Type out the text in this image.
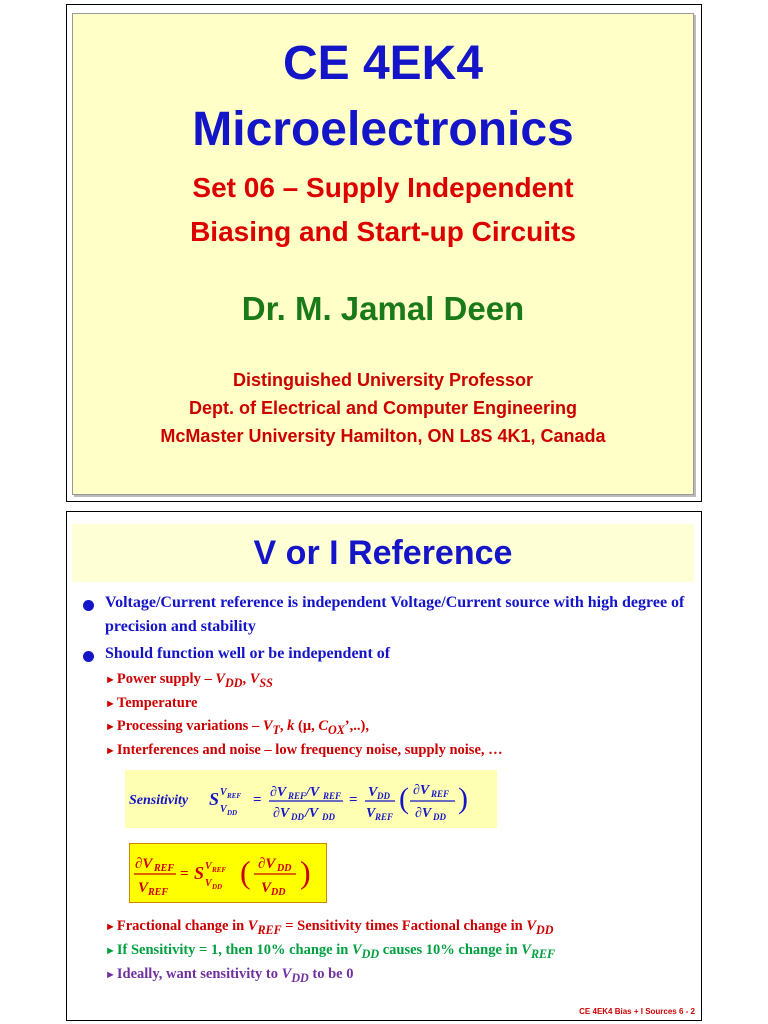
CE 4EK4
Microelectronics
Set 06 – Supply Independent
Biasing and Start-up Circuits
Dr. M. Jamal Deen
Distinguished University Professor
Dept. of Electrical and Computer Engineering
McMaster University Hamilton, ON L8S 4K1, Canada
V or I Reference
Voltage/Current reference is independent Voltage/Current source with high degree of precision and stability
Should function well or be independent of
►Power supply – $V_{DD}$, $V_{SS}$
►Temperature
►Processing variations – $V_T$, k (μ, $C_{OX}$’,..),
►Interferences and noise – low frequency noise, supply noise, …
Sensitivity S V REF
V DD
= ∂V REF /V REF
∂V DD /V DD
= V DD
V REF
( ∂V REF
∂V DD
)
∂V REF
V REF
= S V REF
V DD ( ∂V DD
V DD
)
►Fractional change in $V_{REF}$ = Sensitivity times Factional change in $V_{DD}$
►If Sensitivity = 1, then 10% change in $V_{DD}$ causes 10% change in $V_{REF}$
►Ideally, want sensitivity to $V_{DD}$ to be 0
CE 4EK4 Bias + I Sources 6 - 2
